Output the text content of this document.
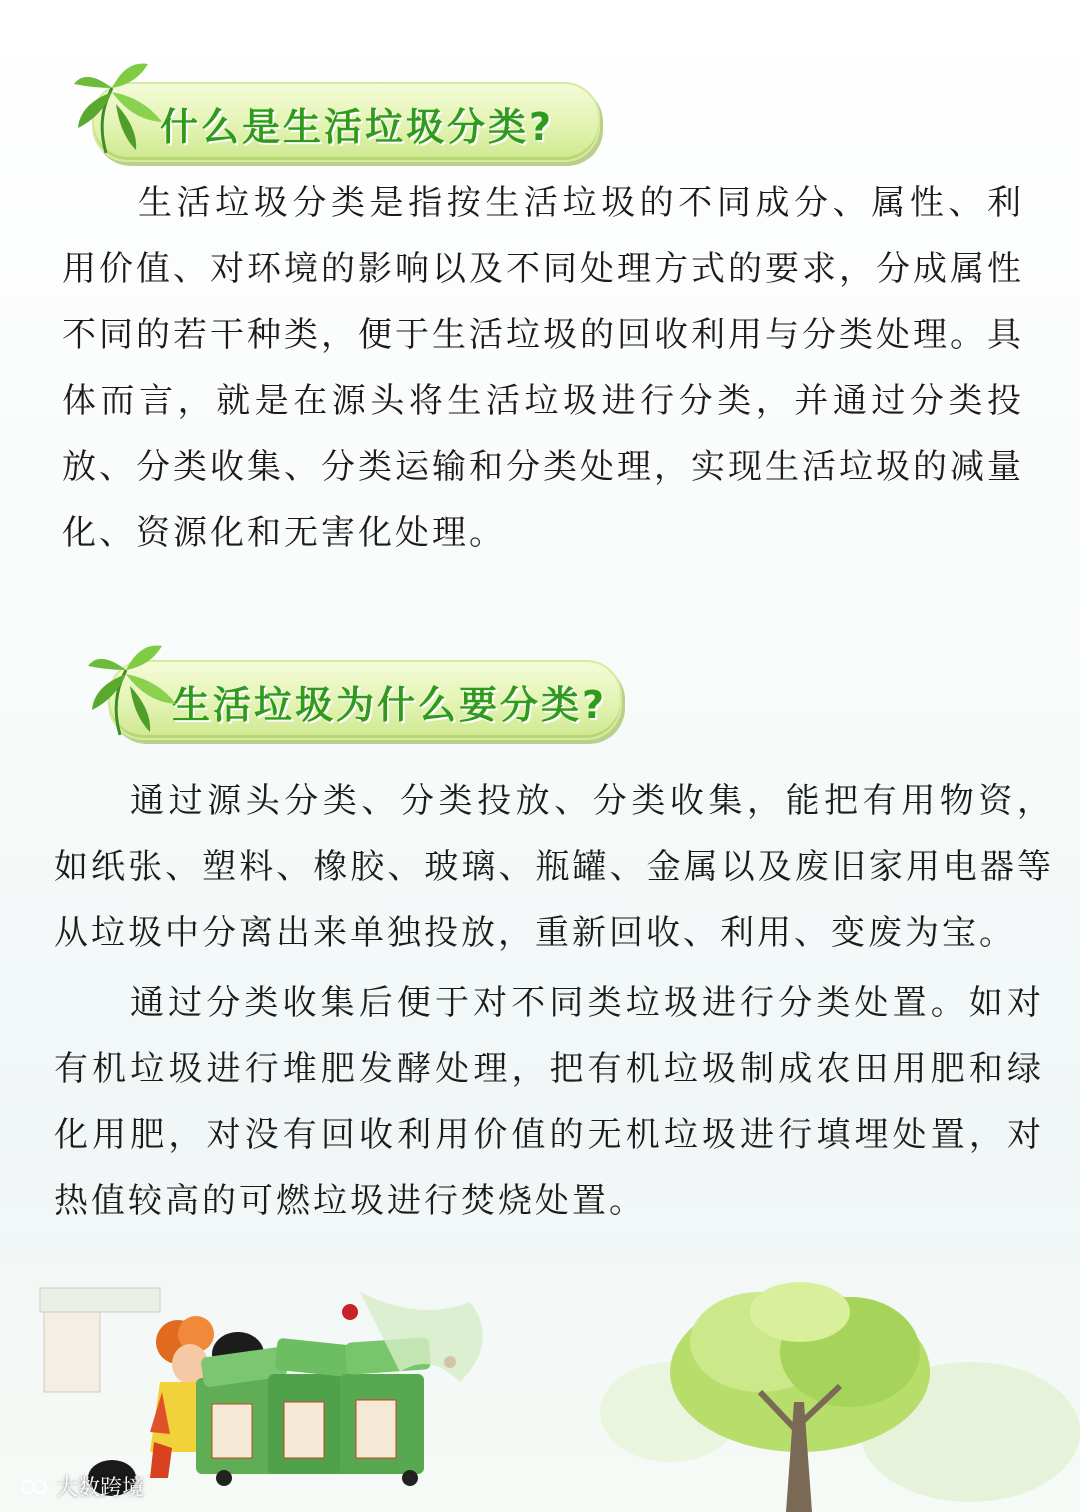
什么是生活垃圾分类?

生活垃圾分类是指按生活垃圾的不同成分、属性、利用价值、对环境的影响以及不同处理方式的要求，分成属性不同的若干种类，便于生活垃圾的回收利用与分类处理。具体而言，就是在源头将生活垃圾进行分类，并通过分类投放、分类收集、分类运输和分类处理，实现生活垃圾的减量化、资源化和无害化处理。

生活垃圾为什么要分类?

通过源头分类、分类投放、分类收集，能把有用物资，如纸张、塑料、橡胶、玻璃、瓶罐、金属以及废旧家用电器等从垃圾中分离出来单独投放，重新回收、利用、变废为宝。

通过分类收集后便于对不同类垃圾进行分类处置。如对有机垃圾进行堆肥发酵处理，把有机垃圾制成农田用肥和绿化用肥，对没有回收利用价值的无机垃圾进行填埋处置，对热值较高的可燃垃圾进行焚烧处置。

大数跨境
